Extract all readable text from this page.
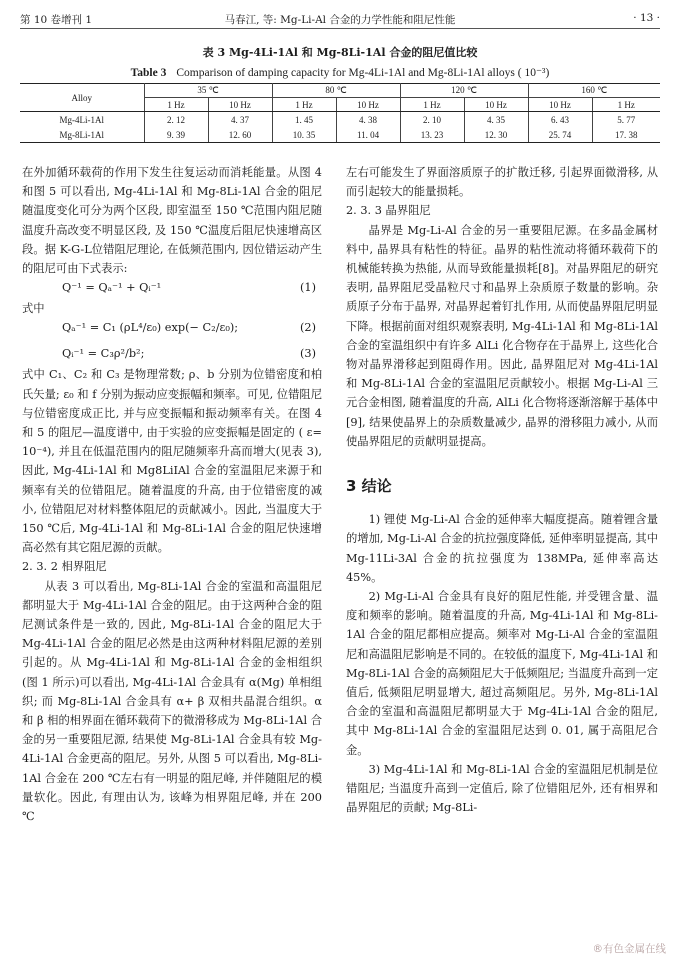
第 10 卷增刊 1	马春江, 等: Mg-Li-Al 合金的力学性能和阻尼性能	· 13 ·
表 3 Mg-4Li-1Al 和 Mg-8Li-1Al 合金的阻尼值比较
Table 3 Comparison of damping capacity for Mg-4Li-1Al and Mg-8Li-1Al alloys ( 10⁻³)
Alloy	35 ℃		80 ℃		120 ℃		160 ℃	
	1 Hz	10 Hz	1 Hz	10 Hz	1 Hz	10 Hz	10 Hz	1 Hz
Mg-4Li-1Al	2. 12	4. 37	1. 45	4. 38	2. 10	4. 35	6. 43	5. 77
Mg-8Li-1Al	9. 39	12. 60	10. 35	11. 04	13. 23	12. 30	25. 74	17. 38

在外加循环载荷的作用下发生往复运动而消耗能量。从图 4 和图 5 可以看出, Mg-4Li-1Al 和 Mg-8Li-1Al 合金的阻尼随温度变化可分为两个区段, 即室温至 150 ℃范围内阻尼随温度升高改变不明显区段, 及 150 ℃温度后阻尼快速增高区段。据 K-G-L位错阻尼理论, 在低频范围内, 因位错运动产生的阻尼可由下式表示:

Q⁻¹ = Qₐ⁻¹ + Qᵢ⁻¹	(1)

式中

Qₐ⁻¹ = C₁ (ρL⁴/ε₀) exp(− C₂/ε₀);	(2)
Qᵢ⁻¹ = C₃ρ²/b²;	(3)

式中 C₁、C₂ 和 C₃ 是物理常数; ρ、b 分别为位错密度和柏氏矢量; ε₀ 和 f 分别为振动应变振幅和频率。可见, 位错阻尼与位错密度成正比, 并与应变振幅和振动频率有关。在图 4 和 5 的阻尼—温度谱中, 由于实验的应变振幅是固定的 ( ε= 10⁻⁴), 并且在低温范围内的阻尼随频率升高而增大(见表 3), 因此, Mg-4Li-1Al 和 Mg8LiIAl 合金的室温阻尼来源于和频率有关的位错阻尼。随着温度的升高, 由于位错密度的减小, 位错阻尼对材料整体阻尼的贡献减小。因此, 当温度大于 150 ℃后, Mg-4Li-1Al 和 Mg-8Li-1Al 合金的阻尼快速增高必然有其它阻尼源的贡献。

2. 3. 2 相界阻尼

从表 3 可以看出, Mg-8Li-1Al 合金的室温和高温阻尼都明显大于 Mg-4Li-1Al 合金的阻尼。由于这两种合金的阻尼测试条件是一致的, 因此, Mg-8Li-1Al 合金的阻尼大于 Mg-4Li-1Al 合金的阻尼必然是由这两种材料阻尼源的差别引起的。从 Mg-4Li-1Al 和 Mg-8Li-1Al 合金的金相组织(图 1 所示)可以看出, Mg-4Li-1Al 合金具有 α(Mg) 单相组织; 而 Mg-8Li-1Al 合金具有 α+ β 双相共晶混合组织。α 和 β 相的相界面在循环载荷下的微滑移成为 Mg-8Li-1Al 合金的另一重要阻尼源, 结果使 Mg-8Li-1Al 合金具有较 Mg-4Li-1Al 合金更高的阻尼。另外, 从图 5 可以看出, Mg-8Li-1Al 合金在 200 ℃左右有一明显的阻尼峰, 并伴随阻尼的模量软化。因此, 有理由认为, 该峰为相界阻尼峰, 并在 200 ℃

左右可能发生了界面溶质原子的扩散迁移, 引起界面微滑移, 从而引起较大的能量损耗。

2. 3. 3 晶界阻尼

晶界是 Mg-Li-Al 合金的另一重要阻尼源。在多晶金属材料中, 晶界具有粘性的特征。晶界的粘性流动将循环载荷下的机械能转换为热能, 从而导致能量损耗[8]。对晶界阻尼的研究表明, 晶界阻尼受晶粒尺寸和晶界上杂质原子数量的影响。杂质原子分布于晶界, 对晶界起着钉扎作用, 从而使晶界阻尼明显下降。根据前面对组织观察表明, Mg-4Li-1Al 和 Mg-8Li-1Al 合金的室温组织中有许多 AlLi 化合物存在于晶界上, 这些化合物对晶界滑移起到阻碍作用。因此, 晶界阻尼对 Mg-4Li-1Al 和 Mg-8Li-1Al 合金的室温阻尼贡献较小。根据 Mg-Li-Al 三元合金相图, 随着温度的升高, AlLi 化合物将逐渐溶解于基体中[9], 结果使晶界上的杂质数量减少, 晶界的滑移阻力减小, 从而使晶界阻尼的贡献明显提高。

3 结论

1) 锂使 Mg-Li-Al 合金的延伸率大幅度提高。随着锂含量的增加, Mg-Li-Al 合金的抗拉强度降低, 延伸率明显提高, 其中 Mg-11Li-3Al 合金的抗拉强度为 138MPa, 延伸率高达 45%。

2) Mg-Li-Al 合金具有良好的阻尼性能, 并受锂含量、温度和频率的影响。随着温度的升高, Mg-4Li-1Al 和 Mg-8Li-1Al 合金的阻尼都相应提高。频率对 Mg-Li-Al 合金的室温阻尼和高温阻尼影响是不同的。在较低的温度下, Mg-4Li-1Al 和 Mg-8Li-1Al 合金的高频阻尼大于低频阻尼; 当温度升高到一定值后, 低频阻尼明显增大, 超过高频阻尼。另外, Mg-8Li-1Al 合金的室温和高温阻尼都明显大于 Mg-4Li-1Al 合金的阻尼, 其中 Mg-8Li-1Al 合金的室温阻尼达到 0. 01, 属于高阻尼合金。

3) Mg-4Li-1Al 和 Mg-8Li-1Al 合金的室温阻尼机制是位错阻尼; 当温度升高到一定值后, 除了位错阻尼外, 还有相界和晶界阻尼的贡献; Mg-8Li-

®有色金属在线
